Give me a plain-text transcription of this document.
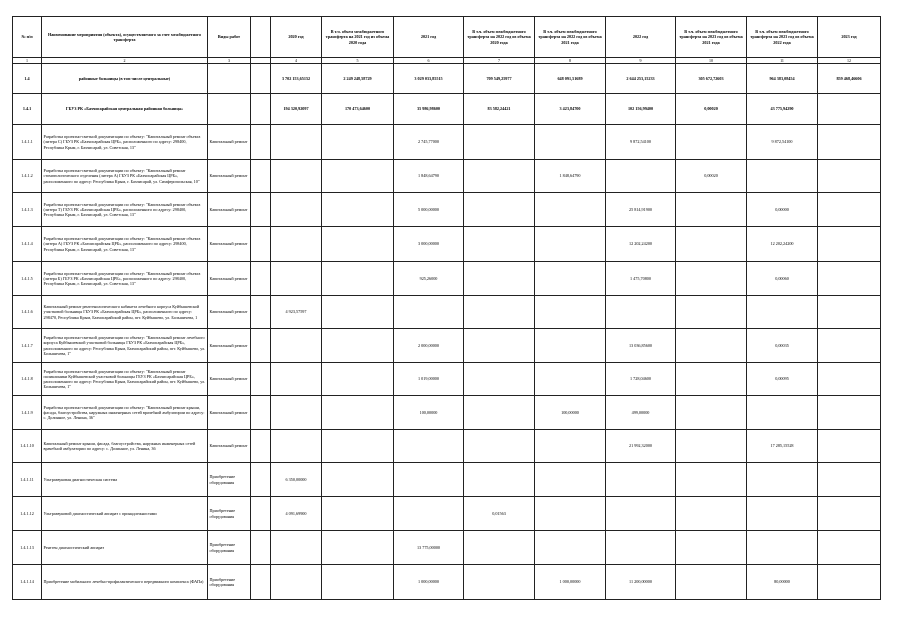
№ п/п	Наименование мероприятия (объекта), осуществляемого за счет межбюджетного трансферта	Виды работ		2020 год	В т.ч. объем межбюджетного трансферта на 2021 год из объема 2020 года	2021 год	В т.ч. объем межбюджетного трансферта на 2022 год из объема 2020 года	В т.ч. объем межбюджетного трансферта на 2022 год из объема 2021 года	2022 год	В т.ч. объем межбюджетного трансферта на 2023 год из объема 2021 года	В т.ч. объем межбюджетного трансферта на 2023 год из объема 2022 года	2023 год
1	2	3		4	5	6	7	8	9	10	11	12
1.4	районные больницы (в том числе центральные)			3 702 153,65152	2 249 248,58729	3 029 033,85515	709 549,25977	648 091,51689	2 644 253,15233	305 672,72603	964 383,08454	859 468,46606
1.4.1	ГБУЗ РК «Бахчисарайская центральная районная больница»			194 320,92097	170 473,64600	35 986,98600	83 582,24421	3 423,84700	102 156,99400	0,00020	43 775,94290	
1.4.1.1	Разработка проектно-сметной документации по объекту: "Капитальный ремонт объекта (литера С) ГБУЗ РК «Бахчисарайская ЦРБ», расположенного по адресу: 298400, Республика Крым, г. Бахчисарай, ул. Советская, 13"	Капитальный ремонт				2 745,77000			9 872,54100		9 872,54100	
1.4.1.2	Разработка проектно-сметной документации по объекту: "Капитальный ремонт стоматологического отделения (литера А) ГБУЗ РК «Бахчисарайская ЦРБ», расположенного по адресу: Республика Крым, г. Бахчисарай, ул. Симферопольская, 10"	Капитальный ремонт				1 848,64790		1 848,64790		0,00020		
1.4.1.3	Разработка проектно-сметной документации по объекту: "Капитальный ремонт объекта (литера Т) ГБУЗ РК «Бахчисарайская ЦРБ», расположенного по адресу: 298400, Республика Крым, г. Бахчисарай, ул. Советская, 13"	Капитальный ремонт				5 000,00000			25 814,91900		0,00000	
1.4.1.4	Разработка проектно-сметной документации по объекту: "Капитальный ремонт объекта (литера А) ГБУЗ РК «Бахчисарайская ЦРБ», расположенного по адресу: 298400, Республика Крым, г. Бахчисарай, ул. Советская, 13"	Капитальный ремонт				3 000,00000			12 202,24200		12 202,24200	
1.4.1.5	Разработка проектно-сметной документации по объекту: "Капитальный ремонт объекта (литера Б) ГБУЗ РК «Бахчисарайская ЦРБ», расположенного по адресу: 298400, Республика Крым, г. Бахчисарай, ул. Советская, 13"	Капитальный ремонт				925,26000			1 475,70800		0,00060	
1.4.1.6	Капитальный ремонт рентгенологического кабинета лечебного корпуса Куйбышевской участковой больницы ГБУЗ РК «Бахчисарайская ЦРБ», расположенного по адресу: 298470, Республика Крым, Бахчисарайский район, пгт. Куйбышево, ул. Большичева, 1	Капитальный ремонт		4 923,57597								
1.4.1.7	Разработка проектно-сметной документации по объекту: "Капитальный ремонт лечебного корпуса Куйбышевской участковой больницы ГБУЗ РК «Бахчисарайская ЦРБ», расположенного по адресу: Республика Крым, Бахчисарайский район, пгт. Куйбышево, ул. Большичева, 1"	Капитальный ремонт				2 000,00000			13 036,85600		0,00035	
1.4.1.8	Разработка проектно-сметной документации по объекту: "Капитальный ремонт поликлиники Куйбышевской участковой больницы ГБУЗ РК «Бахчисарайская ЦРБ», расположенного по адресу: Республика Крым, Бахчисарайский район, пгт. Куйбышево, ул. Большичева, 1"	Капитальный ремонт				1 019,00000			1 728,04600		0,00095	
1.4.1.9	Разработка проектно-сметной документации по объекту: "Капитальный ремонт крыши, фасада, благоустройства, наружных инженерных сетей врачебной амбулатории по адресу: с. Долинное, ул. Ленина, 36"	Капитальный ремонт				100,00000		100,00000	499,00000			
1.4.1.10	Капитальный ремонт крыши, фасада, благоустройства, наружных инженерных сетей врачебной амбулатории по адресу: с. Долинное, ул. Ленина, 36	Капитальный ремонт							21 992,32000		17 285,15528	
1.4.1.11	Ультразвуковая диагностическая система	Приобретение оборудования		6 350,00000								
1.4.1.12	Ультразвуковой диагностический аппарат с принадлежностями	Приобретение оборудования		4 091,69900			0,01563					
1.4.1.13	Рентген диагностический аппарат	Приобретение оборудования				13 775,00000						
1.4.1.14	Приобретение мобильного лечебно-профилактического передвижного комплекса (ФАПа)	Приобретение оборудования				1 000,00000		1 000,00000	11 200,00000		80,00000	
